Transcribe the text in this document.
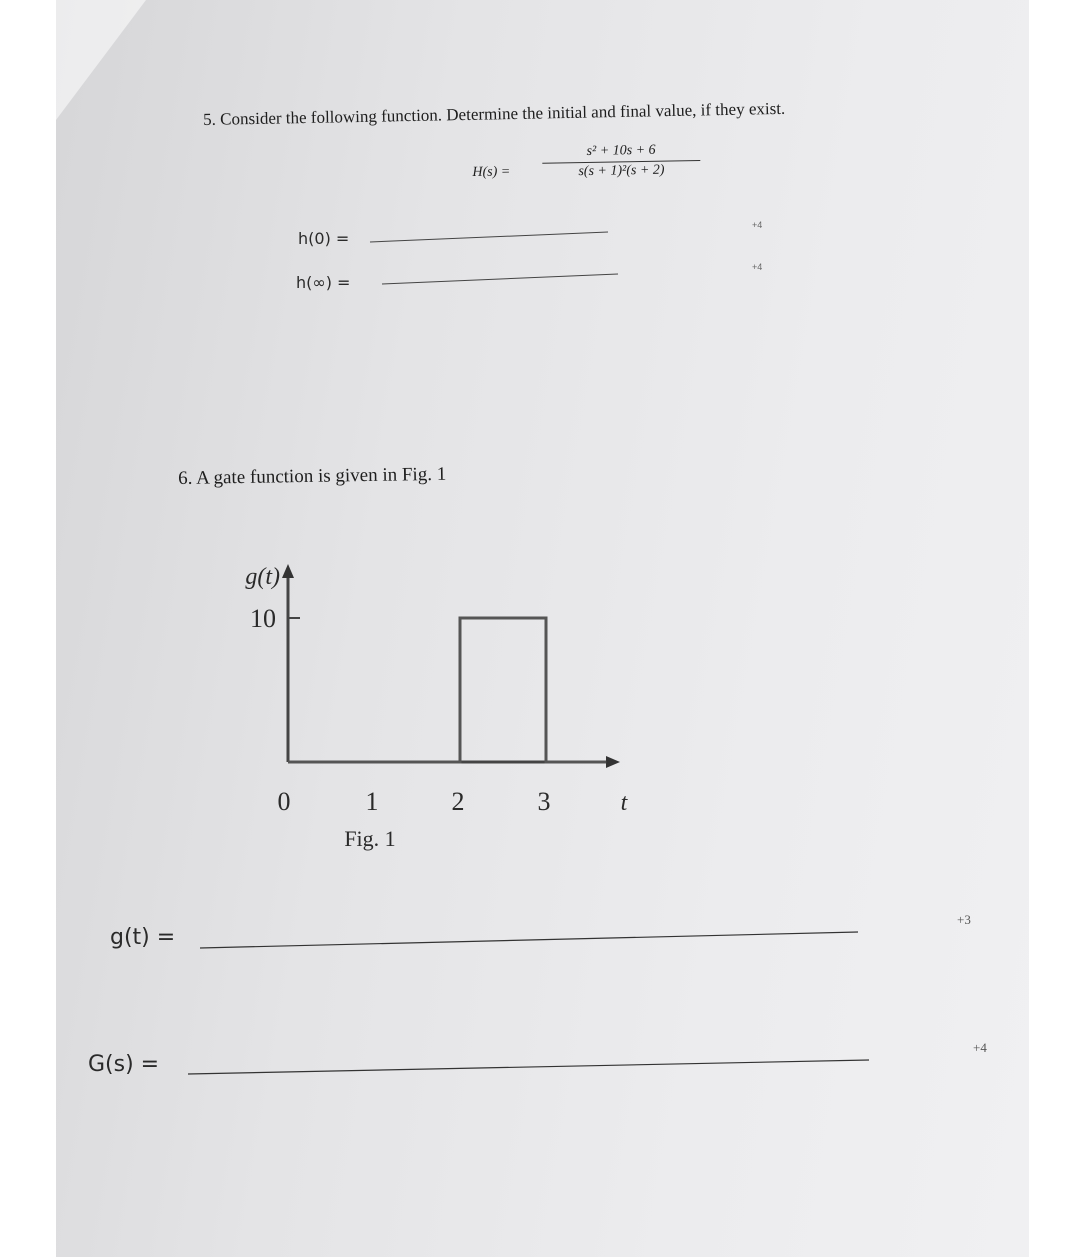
5. Consider the following function. Determine the initial and final value, if they exist.
$H(s) = \frac{\text{s² + 10s + 6}}{\text{s(s + 1)²(s + 2)}}$
h(0) =
+4
h(∞) =
+4
6. A gate function is given in Fig. 1
0	1	2	3	t
10
g(t)
Fig. 1
g(t) =
+3
G(s) =
+4
